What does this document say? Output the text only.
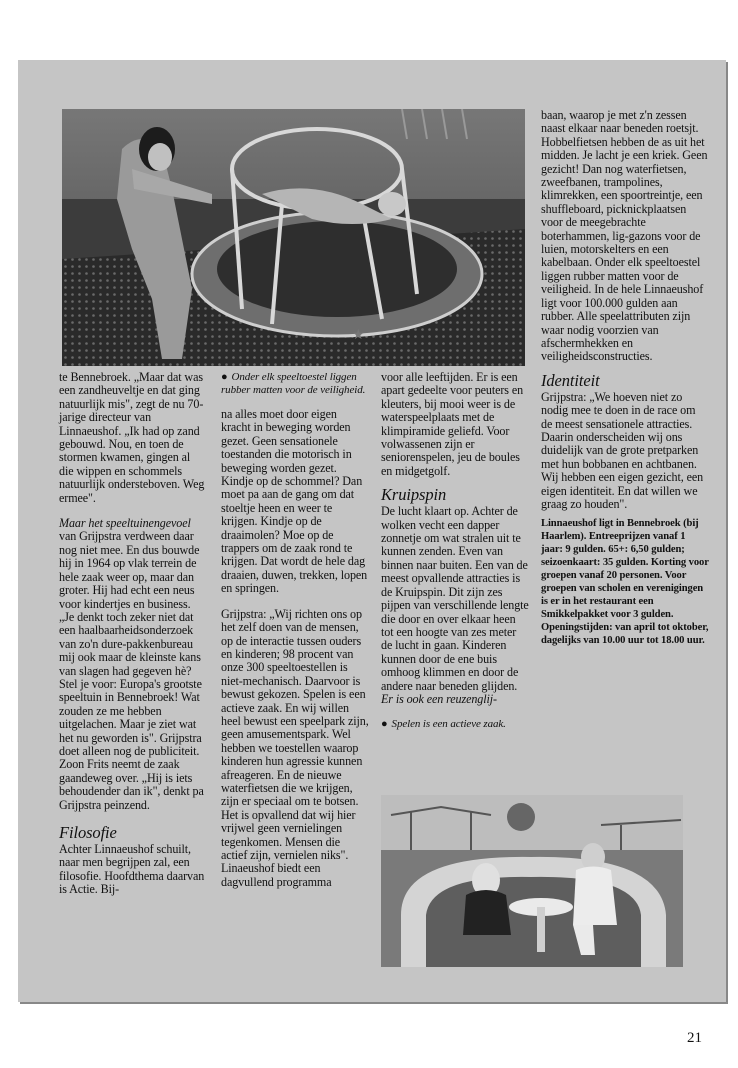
★

te Bennebroek. „Maar dat was een zandheuveltje en dat ging natuurlijk mis", zegt de nu 70-jarige directeur van Linnaeushof. „Ik had op zand gebouwd. Nou, en toen de stormen kwamen, gingen al die wippen en schommels natuurlijk ondersteboven. Weg ermee".

Maar het speeltuinengevoel van Grijpstra verdween daar nog niet mee. En dus bouwde hij in 1964 op vlak terrein de hele zaak weer op, maar dan groter. Hij had echt een neus voor kindertjes en business. „Je denkt toch zeker niet dat een haalbaarheidsonderzoek van zo'n dure-pakkenbureau mij ook maar de kleinste kans van slagen had gegeven hè? Stel je voor: Europa's grootste speeltuin in Bennebroek! Wat zouden ze me hebben uitgelachen. Maar je ziet wat het nu geworden is". Grijpstra doet alleen nog de publiciteit. Zoon Frits neemt de zaak gaandeweg over. „Hij is iets behoudender dan ik", denkt pa Grijpstra peinzend.

Filosofie

Achter Linnaeushof schuilt, naar men begrijpen zal, een filosofie. Hoofdthema daarvan is Actie. Bij-

● Onder elk speeltoestel liggen rubber matten voor de veiligheid.

na alles moet door eigen kracht in beweging worden gezet. Geen sensationele toestanden die motorisch in beweging worden gezet. Kindje op de schommel? Dan moet pa aan de gang om dat stoeltje heen en weer te krijgen. Kindje op de draaimolen? Moe op de trappers om de zaak rond te krijgen. Dat wordt de hele dag draaien, duwen, trekken, lopen en springen.

Grijpstra: „Wij richten ons op het zelf doen van de mensen, op de interactie tussen ouders en kinderen; 98 procent van onze 300 speeltoestellen is niet-mechanisch. Daarvoor is bewust gekozen. Spelen is een actieve zaak. En wij willen heel bewust een speelpark zijn, geen amusementspark. Wel hebben we toestellen waarop kinderen hun agressie kunnen afreageren. En de nieuwe waterfietsen die we krijgen, zijn er speciaal om te botsen. Het is opvallend dat wij hier vrijwel geen vernielingen tegenkomen. Mensen die actief zijn, vernielen niks".

Linaeushof biedt een dagvullend programma

voor alle leeftijden. Er is een apart gedeelte voor peuters en kleuters, bij mooi weer is de waterspeelplaats met de klimpiramide geliefd. Voor volwassenen zijn er seniorenspelen, jeu de boules en midgetgolf.

Kruipspin

De lucht klaart op. Achter de wolken vecht een dapper zonnetje om wat stralen uit te kunnen zenden. Even van binnen naar buiten. Een van de meest opvallende attracties is de Kruipspin. Dit zijn zes pijpen van verschillende lengte die door en over elkaar heen tot een hoogte van zes meter de lucht in gaan. Kinderen kunnen door de ene buis omhoog klimmen en door de andere naar beneden glijden.

Er is ook een reuzenglij-

● Spelen is een actieve zaak.

baan, waarop je met z'n zessen naast elkaar naar beneden roetsjt. Hobbelfietsen hebben de as uit het midden. Je lacht je een kriek. Geen gezicht! Dan nog waterfietsen, zweefbanen, trampolines, klimrekken, een spoortreintje, een shuffleboard, picknickplaatsen voor de meegebrachte boterhammen, lig-gazons voor de luien, motorskelters en een kabelbaan. Onder elk speeltoestel liggen rubber matten voor de veiligheid. In de hele Linnaeushof ligt voor 100.000 gulden aan rubber. Alle speelattributen zijn waar nodig voorzien van afschermhekken en veiligheidsconstructies.

Identiteit

Grijpstra: „We hoeven niet zo nodig mee te doen in de race om de meest sensationele attracties. Daarin onderscheiden wij ons duidelijk van de grote pretparken met hun bobbanen en achtbanen. Wij hebben een eigen gezicht, een eigen identiteit. En dat willen we graag zo houden".

Linnaeushof ligt in Bennebroek (bij Haarlem). Entreeprijzen vanaf 1 jaar: 9 gulden. 65+: 6,50 gulden; seizoenkaart: 35 gulden. Korting voor groepen vanaf 20 personen. Voor groepen van scholen en verenigingen is er in het restaurant een Smikkelpakket voor 3 gulden. Openingstijden: van april tot oktober, dagelijks van 10.00 uur tot 18.00 uur.
21
